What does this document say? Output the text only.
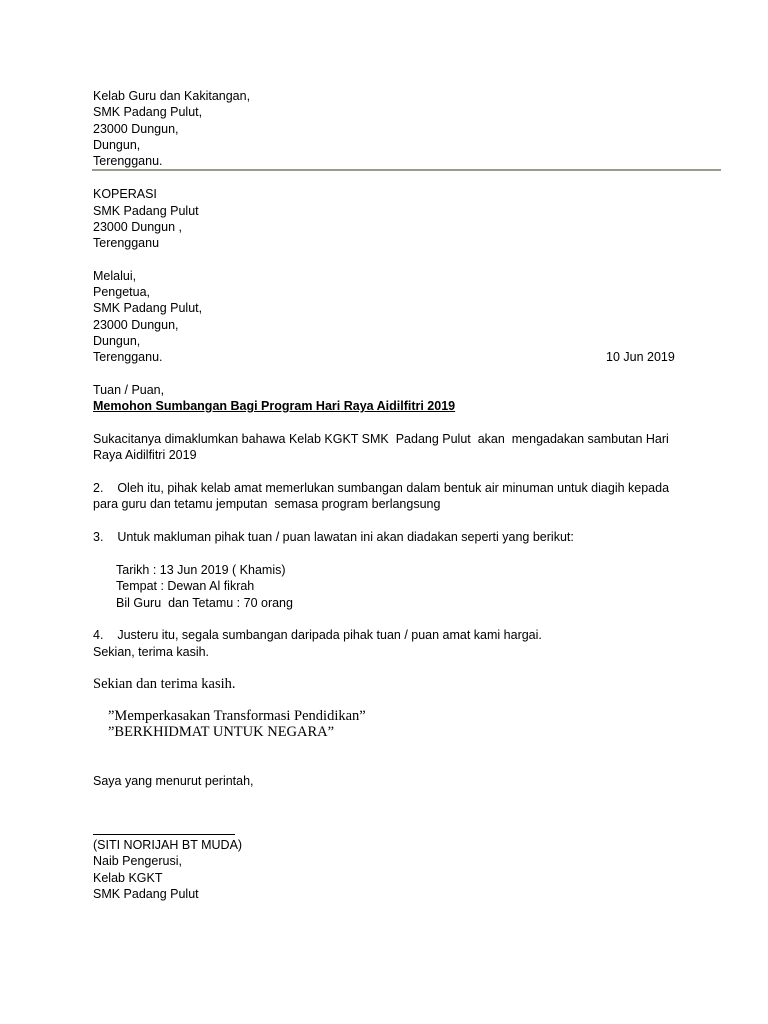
Kelab Guru dan Kakitangan,
SMK Padang Pulut,
23000 Dungun,
Dungun,
Terengganu.
KOPERASI
SMK Padang Pulut
23000 Dungun ,
Terengganu
Melalui,
Pengetua,
SMK Padang Pulut,
23000 Dungun,
Dungun,
Terengganu.	10 Jun 2019
Tuan / Puan,
Memohon Sumbangan Bagi Program Hari Raya Aidilfitri 2019
Sukacitanya dimaklumkan bahawa Kelab KGKT SMK  Padang Pulut  akan  mengadakan sambutan Hari
Raya Aidilfitri 2019
2.    Oleh itu, pihak kelab amat memerlukan sumbangan dalam bentuk air minuman untuk diagih kepada
para guru dan tetamu jemputan  semasa program berlangsung
3.    Untuk makluman pihak tuan / puan lawatan ini akan diadakan seperti yang berikut:
Tarikh : 13 Jun 2019 ( Khamis)
Tempat : Dewan Al fikrah
Bil Guru  dan Tetamu : 70 orang
4.    Justeru itu, segala sumbangan daripada pihak tuan / puan amat kami hargai.
Sekian, terima kasih.
Sekian dan terima kasih.
”Memperkasakan Transformasi Pendidikan”
”BERKHIDMAT UNTUK NEGARA”
Saya yang menurut perintah,
(SITI NORIJAH BT MUDA)
Naib Pengerusi,
Kelab KGKT
SMK Padang Pulut
